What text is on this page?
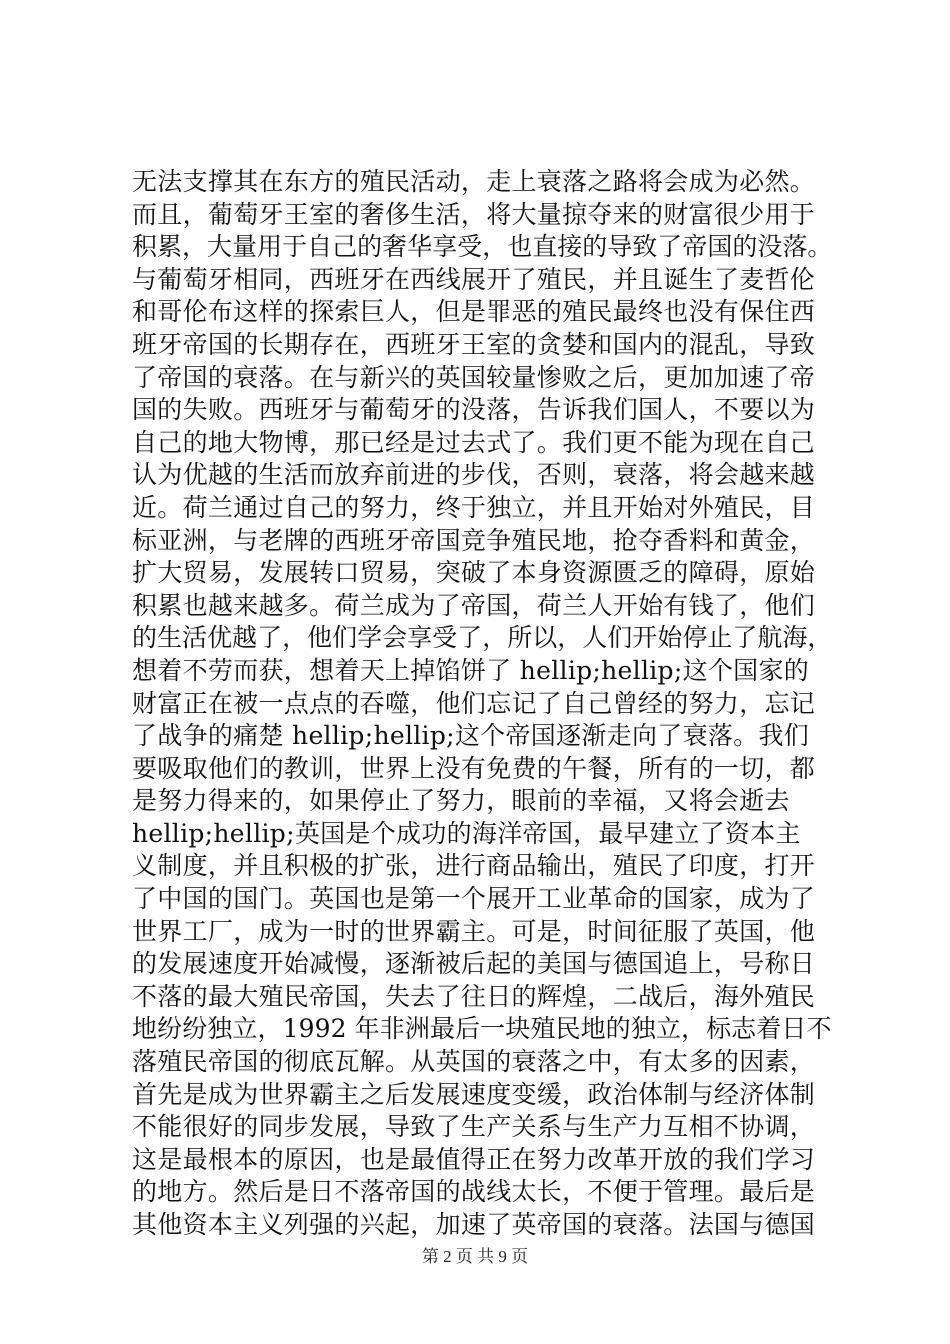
无法支撑其在东方的殖民活动，走上衰落之路将会成为必然。
而且，葡萄牙王室的奢侈生活，将大量掠夺来的财富很少用于
积累，大量用于自己的奢华享受，也直接的导致了帝国的没落。
与葡萄牙相同，西班牙在西线展开了殖民，并且诞生了麦哲伦
和哥伦布这样的探索巨人，但是罪恶的殖民最终也没有保住西
班牙帝国的长期存在，西班牙王室的贪婪和国内的混乱，导致
了帝国的衰落。在与新兴的英国较量惨败之后，更加加速了帝
国的失败。西班牙与葡萄牙的没落，告诉我们国人，不要以为
自己的地大物博，那已经是过去式了。我们更不能为现在自己
认为优越的生活而放弃前进的步伐，否则，衰落，将会越来越
近。荷兰通过自己的努力，终于独立，并且开始对外殖民，目
标亚洲，与老牌的西班牙帝国竞争殖民地，抢夺香料和黄金，
扩大贸易，发展转口贸易，突破了本身资源匮乏的障碍，原始
积累也越来越多。荷兰成为了帝国，荷兰人开始有钱了，他们
的生活优越了，他们学会享受了，所以，人们开始停止了航海，
想着不劳而获，想着天上掉馅饼了 hellip;hellip;这个国家的
财富正在被一点点的吞噬，他们忘记了自己曾经的努力，忘记
了战争的痛楚 hellip;hellip;这个帝国逐渐走向了衰落。我们
要吸取他们的教训，世界上没有免费的午餐，所有的一切，都
是努力得来的，如果停止了努力，眼前的幸福，又将会逝去
hellip;hellip;英国是个成功的海洋帝国，最早建立了资本主
义制度，并且积极的扩张，进行商品输出，殖民了印度，打开
了中国的国门。英国也是第一个展开工业革命的国家，成为了
世界工厂，成为一时的世界霸主。可是，时间征服了英国，他
的发展速度开始减慢，逐渐被后起的美国与德国追上，号称日
不落的最大殖民帝国，失去了往日的辉煌，二战后，海外殖民
地纷纷独立，1992 年非洲最后一块殖民地的独立，标志着日不
落殖民帝国的彻底瓦解。从英国的衰落之中，有太多的因素，
首先是成为世界霸主之后发展速度变缓，政治体制与经济体制
不能很好的同步发展，导致了生产关系与生产力互相不协调，
这是最根本的原因，也是最值得正在努力改革开放的我们学习
的地方。然后是日不落帝国的战线太长，不便于管理。最后是
其他资本主义列强的兴起，加速了英帝国的衰落。法国与德国
第 2 页 共 9 页
